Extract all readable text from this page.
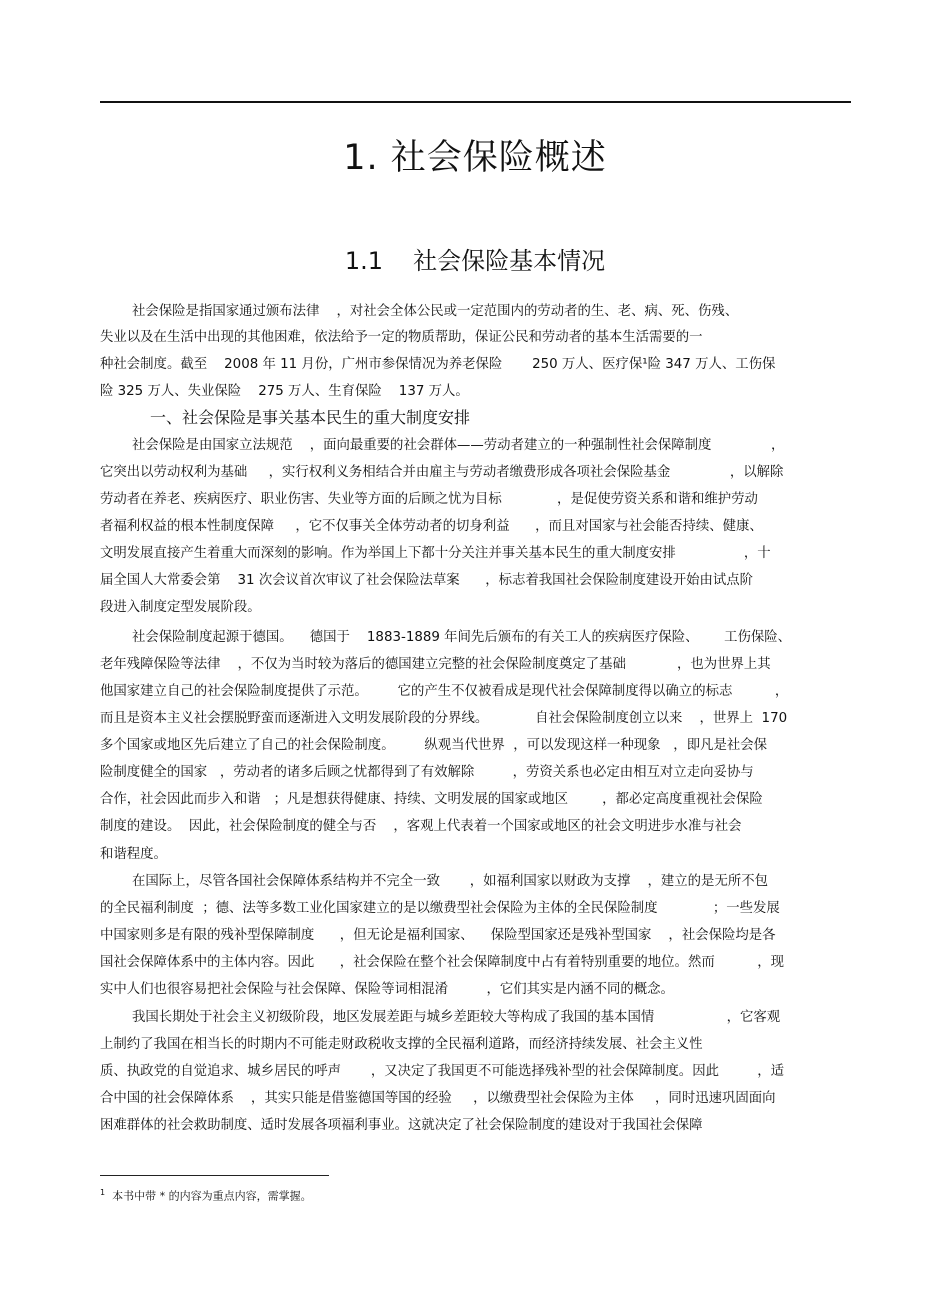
1. 社会保险概述
1.1 社会保险基本情况

社会保险是指国家通过颁布法律    ，对社会全体公民或一定范围内的劳动者的生、老、病、死、伤残、

失业以及在生活中出现的其他困难，依法给予一定的物质帮助，保证公民和劳动者的基本生活需要的一

种社会制度。截至    2008 年 11 月份，广州市参保情况为养老保险       250 万人、医疗保¹险 347 万人、工伤保

险 325 万人、失业保险    275 万人、生育保险    137 万人。

一、社会保险是事关基本民生的重大制度安排

社会保险是由国家立法规范    ，面向最重要的社会群体——劳动者建立的一种强制性社会保障制度              ，

它突出以劳动权利为基础     ，实行权利义务相结合并由雇主与劳动者缴费形成各项社会保险基金              ，以解除

劳动者在养老、疾病医疗、职业伤害、失业等方面的后顾之忧为目标             ，是促使劳资关系和谐和维护劳动

者福利权益的根本性制度保障     ，它不仅事关全体劳动者的切身利益      ，而且对国家与社会能否持续、健康、

文明发展直接产生着重大而深刻的影响。作为举国上下都十分关注并事关基本民生的重大制度安排                ，十

届全国人大常委会第    31 次会议首次审议了社会保险法草案      ，标志着我国社会保险制度建设开始由试点阶

段进入制度定型发展阶段。

社会保险制度起源于德国。    德国于    1883-1889 年间先后颁布的有关工人的疾病医疗保险、      工伤保险、

老年残障保险等法律    ，不仅为当时较为落后的德国建立完整的社会保险制度奠定了基础            ，也为世界上其

他国家建立自己的社会保险制度提供了示范。       它的产生不仅被看成是现代社会保障制度得以确立的标志          ，

而且是资本主义社会摆脱野蛮而逐渐进入文明发展阶段的分界线。           自社会保险制度创立以来    ，世界上  170

多个国家或地区先后建立了自己的社会保险制度。       纵观当代世界  ，可以发现这样一种现象   ，即凡是社会保

险制度健全的国家   ，劳动者的诸多后顾之忧都得到了有效解除         ，劳资关系也必定由相互对立走向妥协与

合作，社会因此而步入和谐   ；凡是想获得健康、持续、文明发展的国家或地区        ，都必定高度重视社会保险

制度的建设。  因此，社会保险制度的健全与否    ，客观上代表着一个国家或地区的社会文明进步水准与社会

和谐程度。

在国际上，尽管各国社会保障体系结构并不完全一致       ，如福利国家以财政为支撑    ，建立的是无所不包

的全民福利制度  ；德、法等多数工业化国家建立的是以缴费型社会保险为主体的全民保险制度             ；一些发展

中国家则多是有限的残补型保障制度      ，但无论是福利国家、    保险型国家还是残补型国家    ，社会保险均是各

国社会保障体系中的主体内容。因此      ，社会保险在整个社会保障制度中占有着特别重要的地位。然而          ，现

实中人们也很容易把社会保险与社会保障、保险等词相混淆         ，它们其实是内涵不同的概念。

我国长期处于社会主义初级阶段，地区发展差距与城乡差距较大等构成了我国的基本国情                 ，它客观

上制约了我国在相当长的时期内不可能走财政税收支撑的全民福利道路，而经济持续发展、社会主义性

质、执政党的自觉追求、城乡居民的呼声       ，又决定了我国更不可能选择残补型的社会保障制度。因此         ，适

合中国的社会保障体系    ，其实只能是借鉴德国等国的经验     ，以缴费型社会保险为主体     ，同时迅速巩固面向

困难群体的社会救助制度、适时发展各项福利事业。这就决定了社会保险制度的建设对于我国社会保障

$^1$ 本书中带 * 的内容为重点内容，需掌握。
